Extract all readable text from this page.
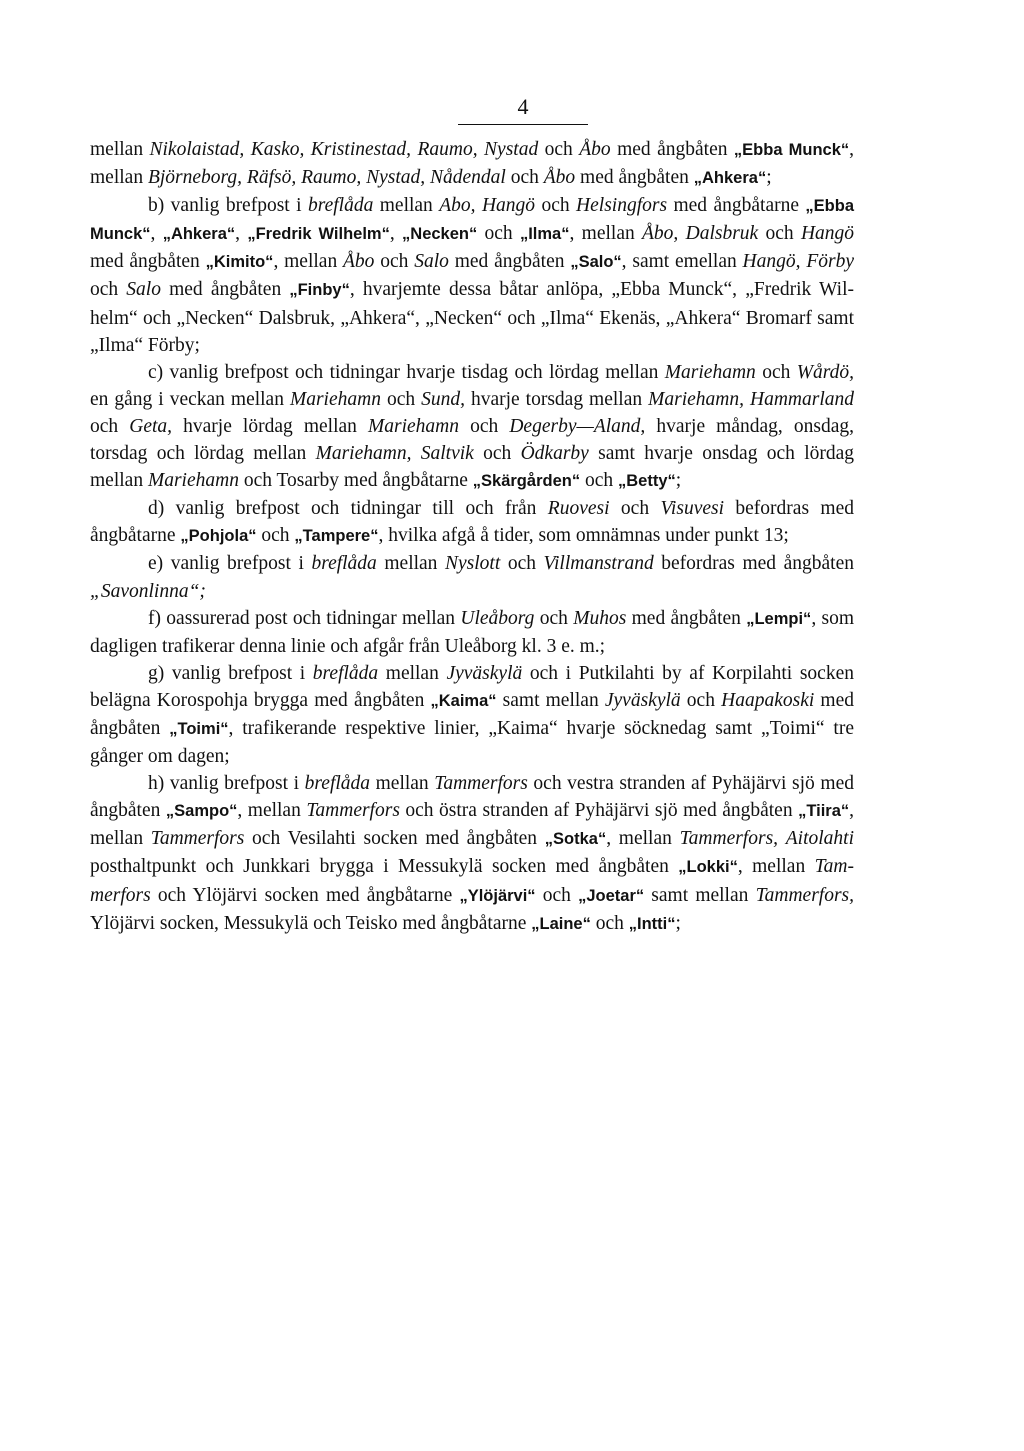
4

mellan Nikolaistad, Kasko, Kristinestad, Raumo, Nystad och Åbo med ångbåten „Ebba Munck“, mellan Björneborg, Räfsö, Raumo, Nystad, Nådendal och Åbo med ångbåten „Ahkera“;

b) vanlig brefpost i breflåda mellan Abo, Hangö och Helsingfors med ångbåtarne „Ebba Munck“, „Ahkera“, „Fredrik Wilhelm“, „Necken“ och „Ilma“, mellan Åbo, Dalsbruk och Hangö med ångbåten „Kimito“, mellan Åbo och Salo med ångbåten „Salo“, samt emellan Hangö, Förby och Salo med ångbåten „Finby“, hvarjemte dessa båtar anlöpa, „Ebba Munck“, „Fredrik Wilhelm“ och „Necken“ Dalsbruk, „Ahkera“, „Necken“ och „Ilma“ Ekenäs, „Ahkera“ Bromarf samt „Ilma“ Förby;

c) vanlig brefpost och tidningar hvarje tisdag och lördag mellan Mariehamn och Wårdö, en gång i veckan mellan Mariehamn och Sund, hvarje torsdag mellan Mariehamn, Hammarland och Geta, hvarje lördag mellan Mariehamn och Degerby—Aland, hvarje måndag, onsdag, torsdag och lördag mellan Mariehamn, Saltvik och Ödkarby samt hvarje onsdag och lördag mellan Mariehamn och Tosarby med ångbåtarne „Skärgården“ och „Betty“;

d) vanlig brefpost och tidningar till och från Ruovesi och Visuvesi befordras med ångbåtarne „Pohjola“ och „Tampere“, hvilka afgå å tider, som omnämnas under punkt 13;

e) vanlig brefpost i breflåda mellan Nyslott och Villmanstrand befordras med ångbåten „Savonlinna“;

f) oassurerad post och tidningar mellan Uleåborg och Muhos med ångbåten „Lempi“, som dagligen trafikerar denna linie och afgår från Uleåborg kl. 3 e. m.;

g) vanlig brefpost i breflåda mellan Jyväskylä och i Putkilahti by af Korpilahti socken belägna Korospohja brygga med ångbåten „Kaima“ samt mellan Jyväskylä och Haapakoski med ångbåten „Toimi“, trafikerande respektive linier, „Kaima“ hvarje söcknedag samt „Toimi“ tre gånger om dagen;

h) vanlig brefpost i breflåda mellan Tammerfors och vestra stranden af Pyhäjärvi sjö med ångbåten „Sampo“, mellan Tammerfors och östra stranden af Pyhäjärvi sjö med ångbåten „Tiira“, mellan Tammerfors och Vesilahti socken med ångbåten „Sotka“, mellan Tammerfors, Aitolahti posthaltpunkt och Junkkari brygga i Messukylä socken med ångbåten „Lokki“, mellan Tammerfors och Ylöjärvi socken med ångbåtarne „Ylöjärvi“ och „Joetar“ samt mellan Tammerfors, Ylöjärvi socken, Messukylä och Teisko med ångbåtarne „Laine“ och „Intti“;
